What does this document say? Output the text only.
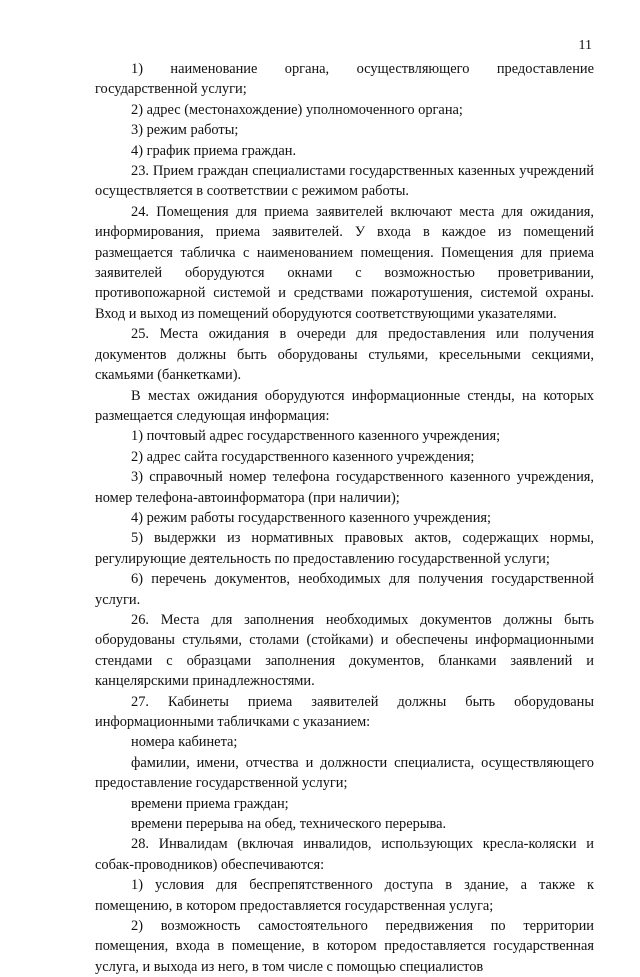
11

1) наименование органа, осуществляющего предоставление государственной услуги;

2) адрес (местонахождение) уполномоченного органа;

3) режим работы;

4) график приема граждан.

23. Прием граждан специалистами государственных казенных учреждений осуществляется в соответствии с режимом работы.

24. Помещения для приема заявителей включают места для ожидания, информирования, приема заявителей. У входа в каждое из помещений размещается табличка с наименованием помещения. Помещения для приема заявителей оборудуются окнами с возможностью проветривании, противопожарной системой и средствами пожаротушения, системой охраны. Вход и выход из помещений оборудуются соответствующими указателями.

25. Места ожидания в очереди для предоставления или получения документов должны быть оборудованы стульями, кресельными секциями, скамьями (банкетками).

В местах ожидания оборудуются информационные стенды, на которых размещается следующая информация:

1) почтовый адрес государственного казенного учреждения;

2) адрес сайта государственного казенного учреждения;

3) справочный номер телефона государственного казенного учреждения, номер телефона-автоинформатора (при наличии);

4) режим работы государственного казенного учреждения;

5) выдержки из нормативных правовых актов, содержащих нормы, регулирующие деятельность по предоставлению государственной услуги;

6) перечень документов, необходимых для получения государственной услуги.

26. Места для заполнения необходимых документов должны быть оборудованы стульями, столами (стойками) и обеспечены информационными стендами с образцами заполнения документов, бланками заявлений и канцелярскими принадлежностями.

27. Кабинеты приема заявителей должны быть оборудованы информационными табличками с указанием:

номера кабинета;

фамилии, имени, отчества и должности специалиста, осуществляющего предоставление государственной услуги;

времени приема граждан;

времени перерыва на обед, технического перерыва.

28. Инвалидам (включая инвалидов, использующих кресла-коляски и собак-проводников) обеспечиваются:

1) условия для беспрепятственного доступа в здание, а также к помещению, в котором предоставляется государственная услуга;

2) возможность самостоятельного передвижения по территории помещения, входа в помещение, в котором предоставляется государственная услуга, и выхода из него, в том числе с помощью специалистов
